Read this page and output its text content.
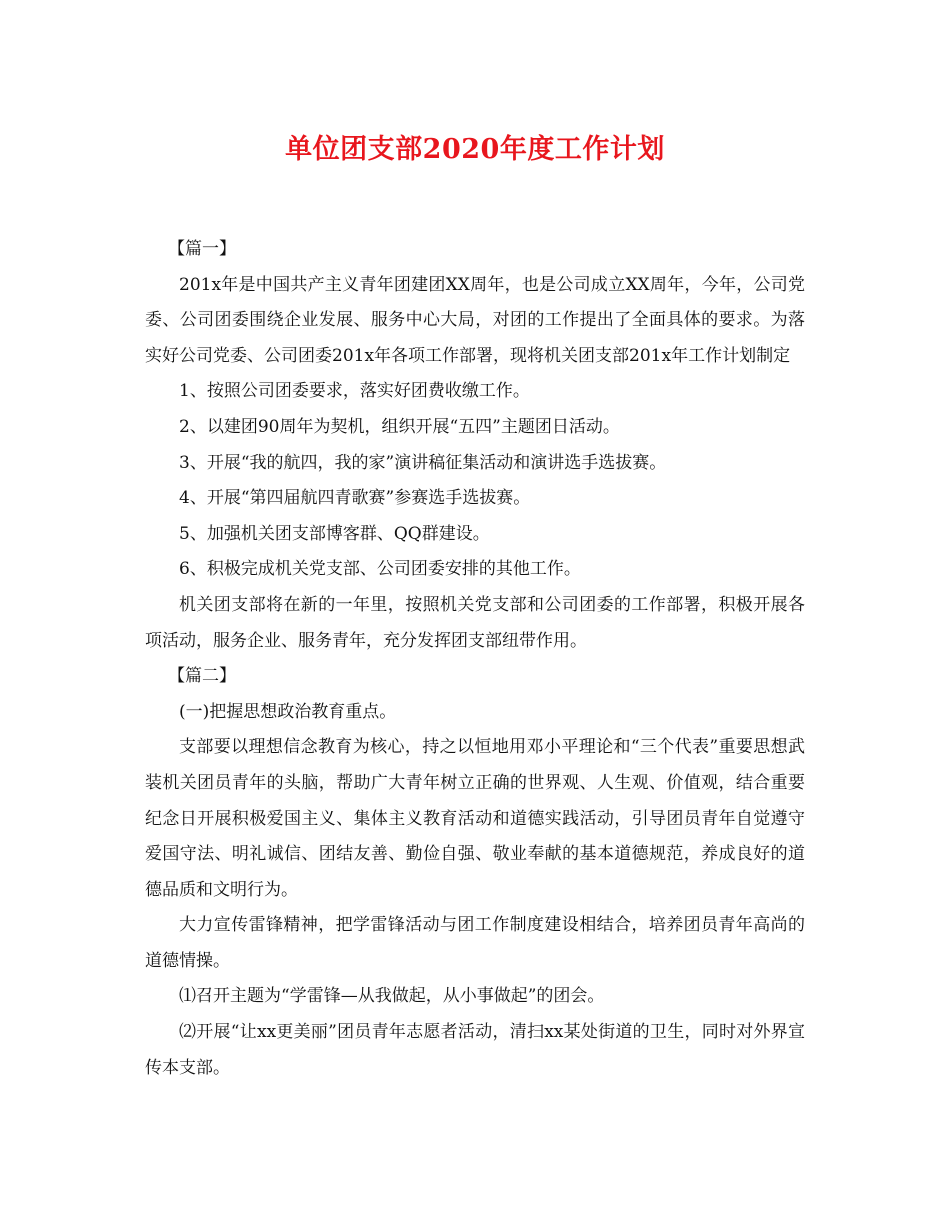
单位团支部2020年度工作计划

【篇一】

201x年是中国共产主义青年团建团XX周年，也是公司成立XX周年，今年，公司党委、公司团委围绕企业发展、服务中心大局，对团的工作提出了全面具体的要求。为落实好公司党委、公司团委201x年各项工作部署，现将机关团支部201x年工作计划制定

1、按照公司团委要求，落实好团费收缴工作。

2、以建团90周年为契机，组织开展“五四”主题团日活动。

3、开展“我的航四，我的家”演讲稿征集活动和演讲选手选拔赛。

4、开展“第四届航四青歌赛”参赛选手选拔赛。

5、加强机关团支部博客群、QQ群建设。

6、积极完成机关党支部、公司团委安排的其他工作。

机关团支部将在新的一年里，按照机关党支部和公司团委的工作部署，积极开展各项活动，服务企业、服务青年，充分发挥团支部纽带作用。

【篇二】

(一)把握思想政治教育重点。

支部要以理想信念教育为核心，持之以恒地用邓小平理论和“三个代表”重要思想武装机关团员青年的头脑，帮助广大青年树立正确的世界观、人生观、价值观，结合重要纪念日开展积极爱国主义、集体主义教育活动和道德实践活动，引导团员青年自觉遵守爱国守法、明礼诚信、团结友善、勤俭自强、敬业奉献的基本道德规范，养成良好的道德品质和文明行为。

大力宣传雷锋精神，把学雷锋活动与团工作制度建设相结合，培养团员青年高尚的道德情操。

⑴召开主题为“学雷锋—从我做起，从小事做起”的团会。

⑵开展“让xx更美丽”团员青年志愿者活动，清扫xx某处街道的卫生，同时对外界宣传本支部。
